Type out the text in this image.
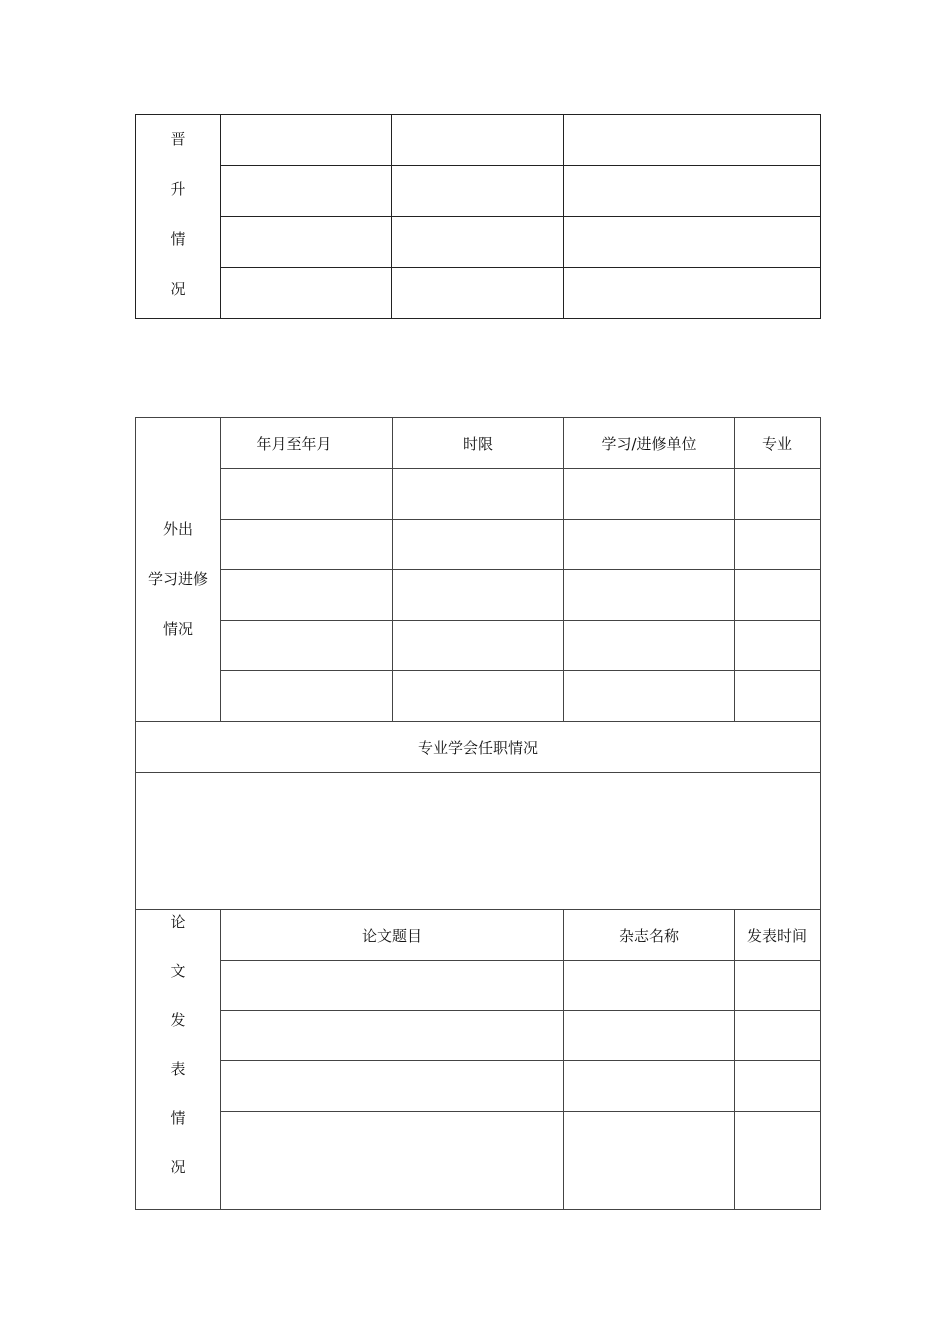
晋
升
情
况
外出
学习进修
情况
年月至年月	时限	学习/进修单位	专业
专业学会任职情况
论
文
发
表
情
况
论文题目	杂志名称	发表时间
